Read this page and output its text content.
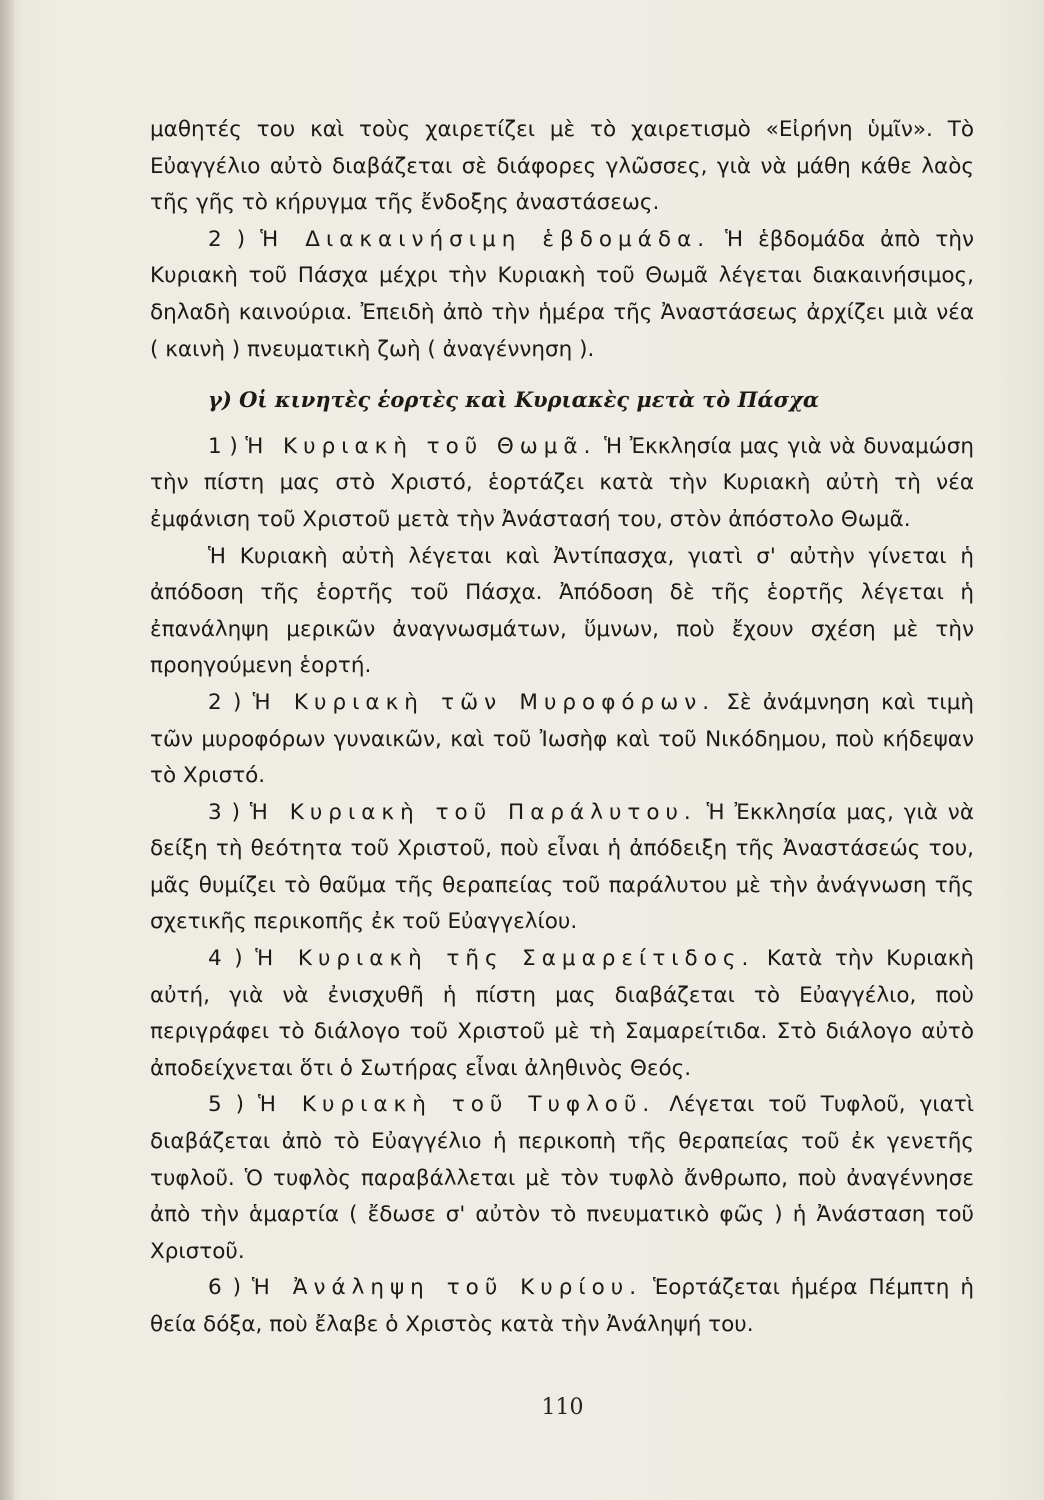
μαθητές του καὶ τοὺς χαιρετίζει μὲ τὸ χαιρετισμὸ «Εἰρήνη ὑμῖν». Τὸ Εὐαγγέλιο αὐτὸ διαβάζεται σὲ διάφορες γλῶσσες, γιὰ νὰ μάθη κάθε λαὸς τῆς γῆς τὸ κήρυγμα τῆς ἔνδοξης ἀναστάσεως.

2 ) Ἡ Διακαινήσιμη ἑβδομάδα. Ἡ ἑβδομάδα ἀπὸ τὴν Κυριακὴ τοῦ Πάσχα μέχρι τὴν Κυριακὴ τοῦ Θωμᾶ λέγεται διακαινήσιμος, δηλαδὴ καινούρια. Ἐπειδὴ ἀπὸ τὴν ἡμέρα τῆς Ἀναστάσεως ἀρχίζει μιὰ νέα ( καινὴ ) πνευματικὴ ζωὴ ( ἀναγέννηση ).

γ) Οἱ κινητὲς ἑορτὲς καὶ Κυριακὲς μετὰ τὸ Πάσχα

1 ) Ἡ Κυριακὴ τοῦ Θωμᾶ. Ἡ Ἐκκλησία μας γιὰ νὰ δυναμώση τὴν πίστη μας στὸ Χριστό, ἑορτάζει κατὰ τὴν Κυριακὴ αὐτὴ τὴ νέα ἐμφάνιση τοῦ Χριστοῦ μετὰ τὴν Ἀνάστασή του, στὸν ἀπόστολο Θωμᾶ.

Ἡ Κυριακὴ αὐτὴ λέγεται καὶ Ἀντίπασχα, γιατὶ σ' αὐτὴν γίνεται ἡ ἀπόδοση τῆς ἑορτῆς τοῦ Πάσχα. Ἀπόδοση δὲ τῆς ἑορτῆς λέγεται ἡ ἐπανάληψη μερικῶν ἀναγνωσμάτων, ὕμνων, ποὺ ἔχουν σχέση μὲ τὴν προηγούμενη ἑορτή.

2 ) Ἡ Κυριακὴ τῶν Μυροφόρων. Σὲ ἀνάμνηση καὶ τιμὴ τῶν μυροφόρων γυναικῶν, καὶ τοῦ Ἰωσὴφ καὶ τοῦ Νικόδημου, ποὺ κήδεψαν τὸ Χριστό.

3 ) Ἡ Κυριακὴ τοῦ Παράλυτου. Ἡ Ἐκκλησία μας, γιὰ νὰ δείξη τὴ θεότητα τοῦ Χριστοῦ, ποὺ εἶναι ἡ ἀπόδειξη τῆς Ἀναστάσεώς του, μᾶς θυμίζει τὸ θαῦμα τῆς θεραπείας τοῦ παράλυτου μὲ τὴν ἀνάγνωση τῆς σχετικῆς περικοπῆς ἐκ τοῦ Εὐαγγελίου.

4 ) Ἡ Κυριακὴ τῆς Σαμαρείτιδος. Κατὰ τὴν Κυριακὴ αὐτή, γιὰ νὰ ἐνισχυθῆ ἡ πίστη μας διαβάζεται τὸ Εὐαγγέλιο, ποὺ περιγράφει τὸ διάλογο τοῦ Χριστοῦ μὲ τὴ Σαμαρείτιδα. Στὸ διάλογο αὐτὸ ἀποδείχνεται ὅτι ὁ Σωτήρας εἶναι ἀληθινὸς Θεός.

5 ) Ἡ Κυριακὴ τοῦ Τυφλοῦ. Λέγεται τοῦ Τυφλοῦ, γιατὶ διαβάζεται ἀπὸ τὸ Εὐαγγέλιο ἡ περικοπὴ τῆς θεραπείας τοῦ ἐκ γενετῆς τυφλοῦ. Ὁ τυφλὸς παραβάλλεται μὲ τὸν τυφλὸ ἄνθρωπο, ποὺ ἀναγέννησε ἀπὸ τὴν ἁμαρτία ( ἔδωσε σ' αὐτὸν τὸ πνευματικὸ φῶς ) ἡ Ἀνάσταση τοῦ Χριστοῦ.

6 ) Ἡ Ἀνάληψη τοῦ Κυρίου. Ἑορτάζεται ἡμέρα Πέμπτη ἡ θεία δόξα, ποὺ ἔλαβε ὁ Χριστὸς κατὰ τὴν Ἀνάληψή του.

110
